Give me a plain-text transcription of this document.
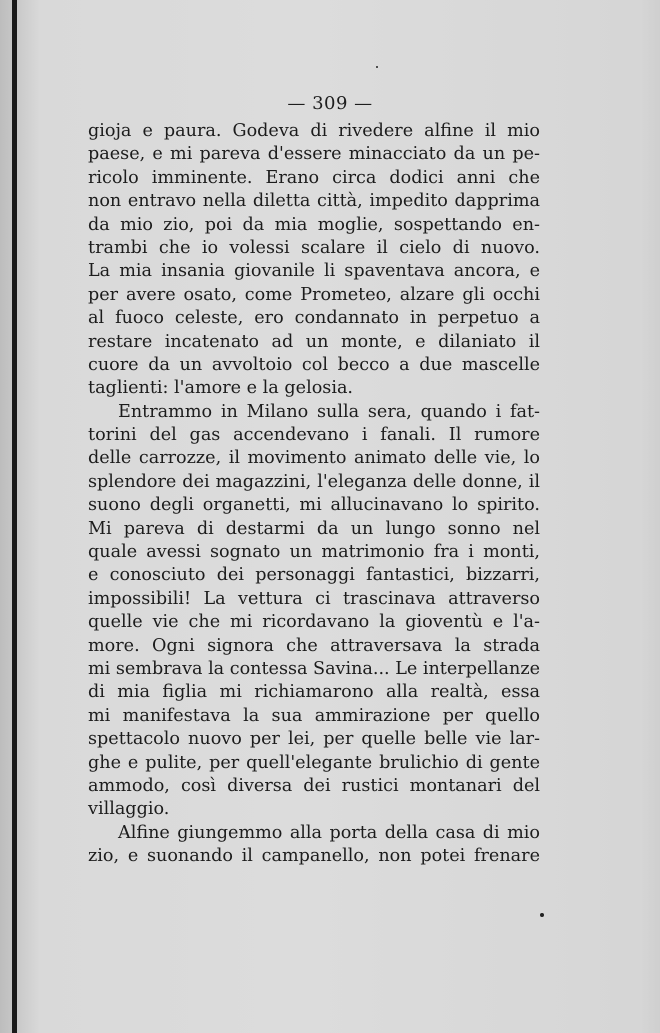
— 309 —
gioja e paura. Godeva di rivedere alfine il mio
paese, e mi pareva d'essere minacciato da un pe-
ricolo imminente. Erano circa dodici anni che
non entravo nella diletta città, impedito dapprima
da mio zio, poi da mia moglie, sospettando en-
trambi che io volessi scalare il cielo di nuovo.
La mia insania giovanile li spaventava ancora, e
per avere osato, come Prometeo, alzare gli occhi
al fuoco celeste, ero condannato in perpetuo a
restare incatenato ad un monte, e dilaniato il
cuore da un avvoltoio col becco a due mascelle
taglienti: l'amore e la gelosia.
Entrammo in Milano sulla sera, quando i fat-
torini del gas accendevano i fanali. Il rumore
delle carrozze, il movimento animato delle vie, lo
splendore dei magazzini, l'eleganza delle donne, il
suono degli organetti, mi allucinavano lo spirito.
Mi pareva di destarmi da un lungo sonno nel
quale avessi sognato un matrimonio fra i monti,
e conosciuto dei personaggi fantastici, bizzarri,
impossibili! La vettura ci trascinava attraverso
quelle vie che mi ricordavano la gioventù e l'a-
more. Ogni signora che attraversava la strada
mi sembrava la contessa Savina... Le interpellanze
di mia figlia mi richiamarono alla realtà, essa
mi manifestava la sua ammirazione per quello
spettacolo nuovo per lei, per quelle belle vie lar-
ghe e pulite, per quell'elegante brulichio di gente
ammodo, così diversa dei rustici montanari del
villaggio.
Alfine giungemmo alla porta della casa di mio
zio, e suonando il campanello, non potei frenare
